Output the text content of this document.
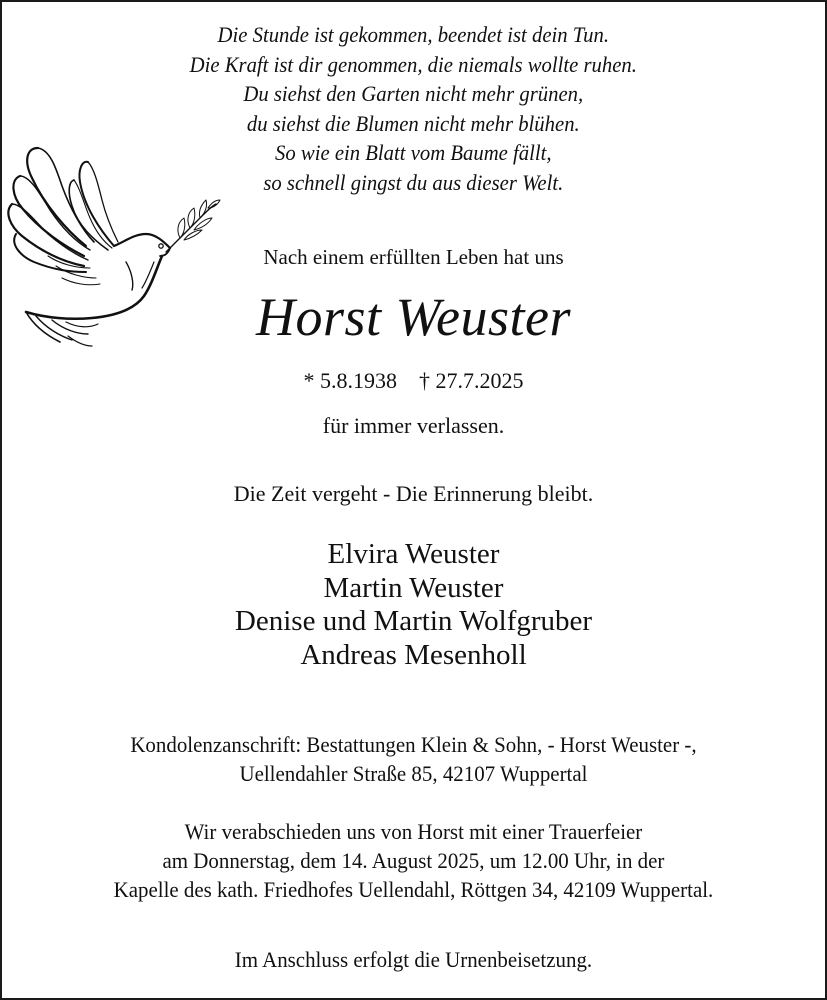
Die Stunde ist gekommen, beendet ist dein Tun.
Die Kraft ist dir genommen, die niemals wollte ruhen.
Du siehst den Garten nicht mehr grünen,
du siehst die Blumen nicht mehr blühen.
So wie ein Blatt vom Baume fällt,
so schnell gingst du aus dieser Welt.
Nach einem erfüllten Leben hat uns
Horst Weuster
* 5.8.1938 † 27.7.2025
für immer verlassen.
Die Zeit vergeht - Die Erinnerung bleibt.
Elvira Weuster
Martin Weuster
Denise und Martin Wolfgruber
Andreas Mesenholl
Kondolenzanschrift: Bestattungen Klein & Sohn, - Horst Weuster -,
Uellendahler Straße 85, 42107 Wuppertal
Wir verabschieden uns von Horst mit einer Trauerfeier
am Donnerstag, dem 14. August 2025, um 12.00 Uhr, in der
Kapelle des kath. Friedhofes Uellendahl, Röttgen 34, 42109 Wuppertal.
Im Anschluss erfolgt die Urnenbeisetzung.
